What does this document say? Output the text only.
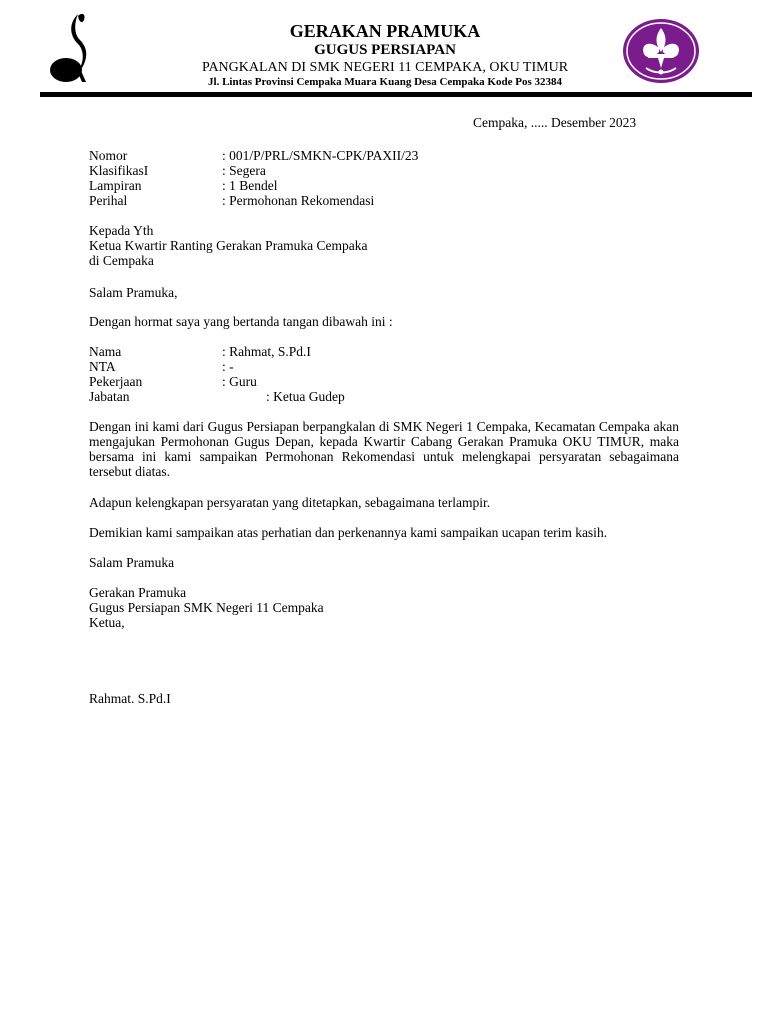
GERAKAN PRAMUKA
GUGUS PERSIAPAN
PANGKALAN DI SMK NEGERI 11 CEMPAKA, OKU TIMUR
Jl. Lintas Provinsi Cempaka Muara Kuang Desa Cempaka Kode Pos 32384
Cempaka, ..... Desember 2023
Nomor	: 001/P/PRL/SMKN-CPK/PAXII/23
KlasifikasI	: Segera
Lampiran	: 1 Bendel
Perihal	: Permohonan Rekomendasi
Kepada Yth
Ketua Kwartir Ranting Gerakan Pramuka Cempaka
di Cempaka
Salam Pramuka,
Dengan hormat saya yang bertanda tangan dibawah ini :
Nama	: Rahmat, S.Pd.I
NTA	: -
Pekerjaan	: Guru
Jabatan	: Ketua Gudep
Dengan ini kami dari Gugus Persiapan berpangkalan di SMK Negeri 1 Cempaka, Kecamatan Cempaka akan mengajukan Permohonan Gugus Depan, kepada Kwartir Cabang Gerakan Pramuka OKU TIMUR, maka bersama ini kami sampaikan Permohonan Rekomendasi untuk melengkapai persyaratan sebagaimana tersebut diatas.
Adapun kelengkapan persyaratan yang ditetapkan, sebagaimana terlampir.
Demikian kami sampaikan atas perhatian dan perkenannya kami sampaikan ucapan terim kasih.
Salam Pramuka
Gerakan Pramuka
Gugus Persiapan SMK Negeri 11 Cempaka
Ketua,
Rahmat. S.Pd.I
